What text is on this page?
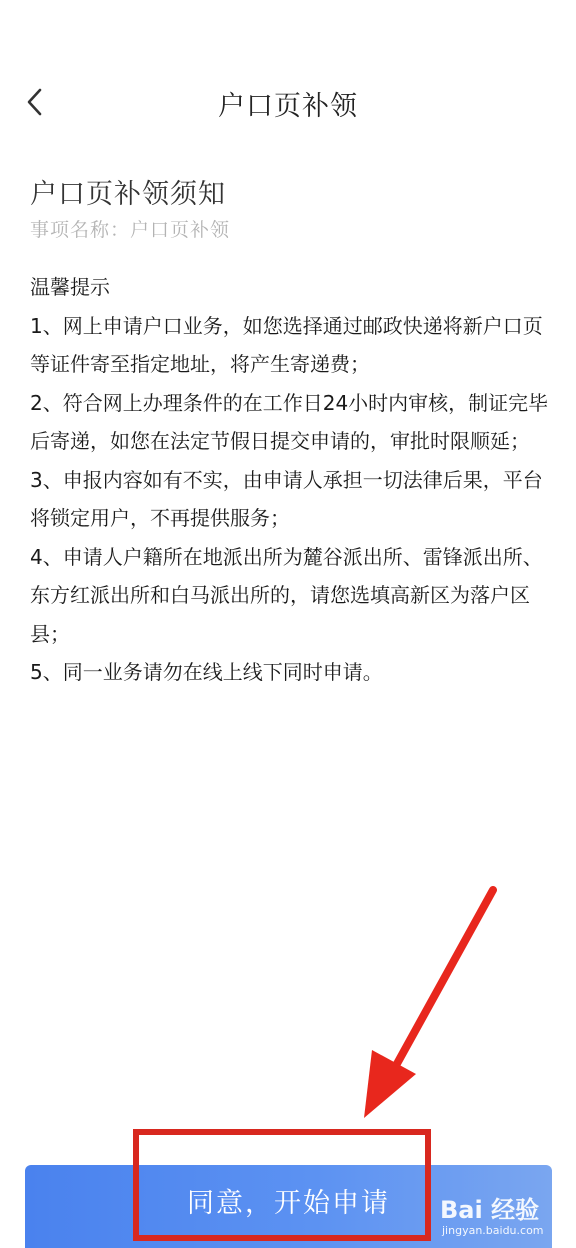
户口页补领
户口页补领须知
事项名称：户口页补领

温馨提示

1、网上申请户口业务，如您选择通过邮政快递将新户口页等证件寄至指定地址，将产生寄递费；

2、符合网上办理条件的在工作日24小时内审核，制证完毕后寄递，如您在法定节假日提交申请的，审批时限顺延；

3、申报内容如有不实，由申请人承担一切法律后果，平台将锁定用户，不再提供服务；

4、申请人户籍所在地派出所为麓谷派出所、雷锋派出所、东方红派出所和白马派出所的，请您选填高新区为落户区县；

5、同一业务请勿在线上线下同时申请。

同意，开始申请	Bai 经验
jingyan.baidu.com
